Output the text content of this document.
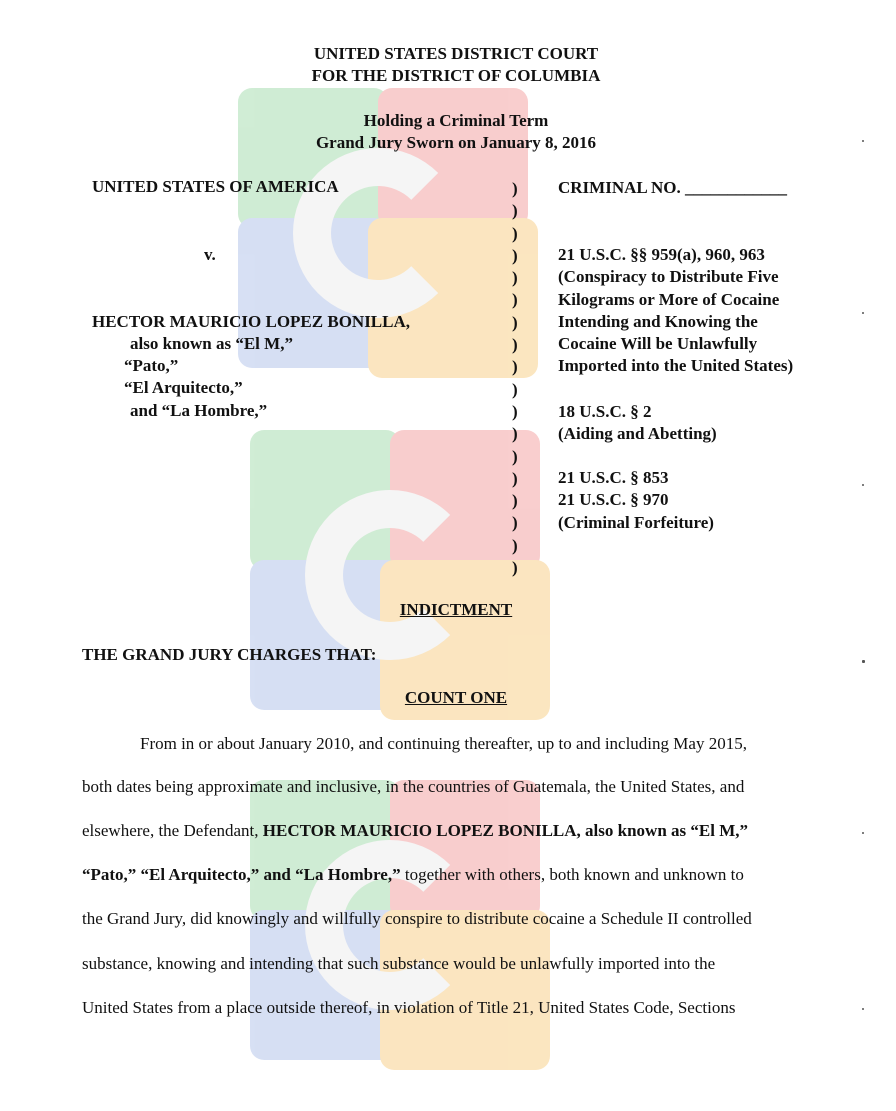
UNITED STATES DISTRICT COURT
FOR THE DISTRICT OF COLUMBIA
Holding a Criminal Term
Grand Jury Sworn on January 8, 2016
UNITED STATES OF AMERICA
v.
HECTOR MAURICIO LOPEZ BONILLA,
also known as “El M,”
“Pato,”
“El Arquitecto,”
and “La Hombre,”
)
)
)
)
)
)
)
)
)
)
)
)
)
)
)
)
)
)
CRIMINAL NO. ____________
21 U.S.C. §§ 959(a), 960, 963
(Conspiracy to Distribute Five
Kilograms or More of Cocaine
Intending and Knowing the
Cocaine Will be Unlawfully
Imported into the United States)
18 U.S.C. § 2
(Aiding and Abetting)
21 U.S.C. § 853
21 U.S.C. § 970
(Criminal Forfeiture)
INDICTMENT
THE GRAND JURY CHARGES THAT:
COUNT ONE
From in or about January 2010, and continuing thereafter, up to and including May 2015,
both dates being approximate and inclusive, in the countries of Guatemala, the United States, and
elsewhere, the Defendant, HECTOR MAURICIO LOPEZ BONILLA, also known as “El M,”
“Pato,” “El Arquitecto,” and “La Hombre,” together with others, both known and unknown to
the Grand Jury, did knowingly and willfully conspire to distribute cocaine a Schedule II controlled
substance, knowing and intending that such substance would be unlawfully imported into the
United States from a place outside thereof, in violation of Title 21, United States Code, Sections
